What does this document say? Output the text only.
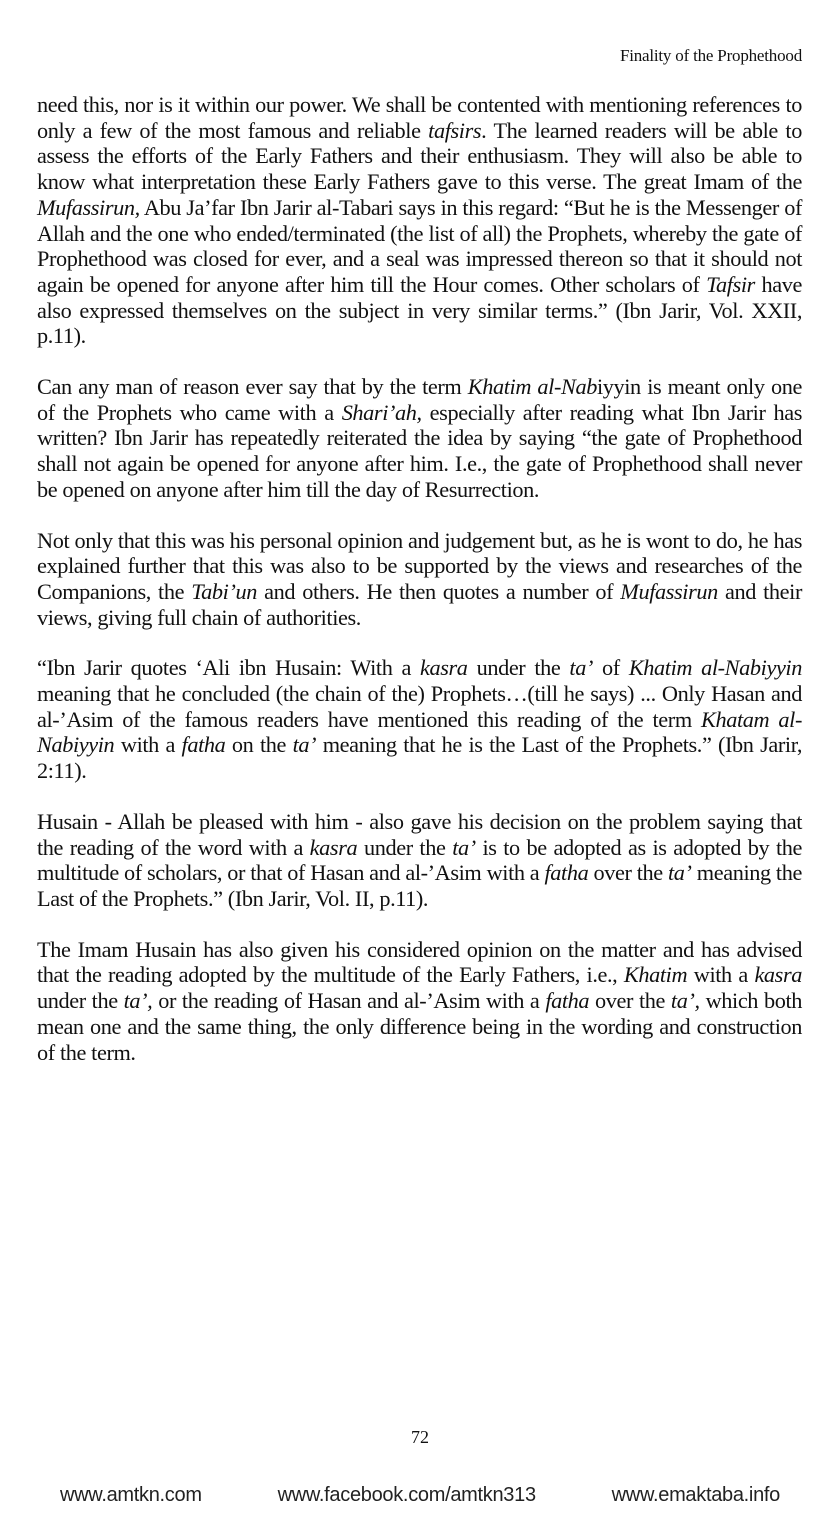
Finality of the Prophethood

need this, nor is it within our power. We shall be contented with mentioning references to only a few of the most famous and reliable tafsirs. The learned readers will be able to assess the efforts of the Early Fathers and their enthusiasm. They will also be able to know what interpretation these Early Fathers gave to this verse. The great Imam of the Mufassirun, Abu Ja’far Ibn Jarir al-Tabari says in this regard: “But he is the Messenger of Allah and the one who ended/terminated (the list of all) the Prophets, whereby the gate of Prophethood was closed for ever, and a seal was impressed thereon so that it should not again be opened for anyone after him till the Hour comes. Other scholars of Tafsir have also expressed themselves on the subject in very similar terms.” (Ibn Jarir, Vol. XXII, p.11).

Can any man of reason ever say that by the term Khatim al-Nabiyyin is meant only one of the Prophets who came with a Shari’ah, especially after reading what Ibn Jarir has written? Ibn Jarir has repeatedly reiterated the idea by saying “the gate of Prophethood shall not again be opened for anyone after him. I.e., the gate of Prophethood shall never be opened on anyone after him till the day of Resurrection.

Not only that this was his personal opinion and judgement but, as he is wont to do, he has explained further that this was also to be supported by the views and researches of the Companions, the Tabi’un and others. He then quotes a number of Mufassirun and their views, giving full chain of authorities.

“Ibn Jarir quotes ‘Ali ibn Husain: With a kasra under the ta’ of Khatim al-Nabiyyin meaning that he concluded (the chain of the) Prophets…(till he says) ... Only Hasan and al-’Asim of the famous readers have mentioned this reading of the term Khatam al-Nabiyyin with a fatha on the ta’ meaning that he is the Last of the Prophets.” (Ibn Jarir, 2:11).

Husain - Allah be pleased with him - also gave his decision on the problem saying that the reading of the word with a kasra under the ta’ is to be adopted as is adopted by the multitude of scholars, or that of Hasan and al-’Asim with a fatha over the ta’ meaning the Last of the Prophets.” (Ibn Jarir, Vol. II, p.11).

The Imam Husain has also given his considered opinion on the matter and has advised that the reading adopted by the multitude of the Early Fathers, i.e., Khatim with a kasra under the ta’, or the reading of Hasan and al-’Asim with a fatha over the ta’, which both mean one and the same thing, the only difference being in the wording and construction of the term.

72
www.amtkn.com	www.facebook.com/amtkn313	www.emaktaba.info
